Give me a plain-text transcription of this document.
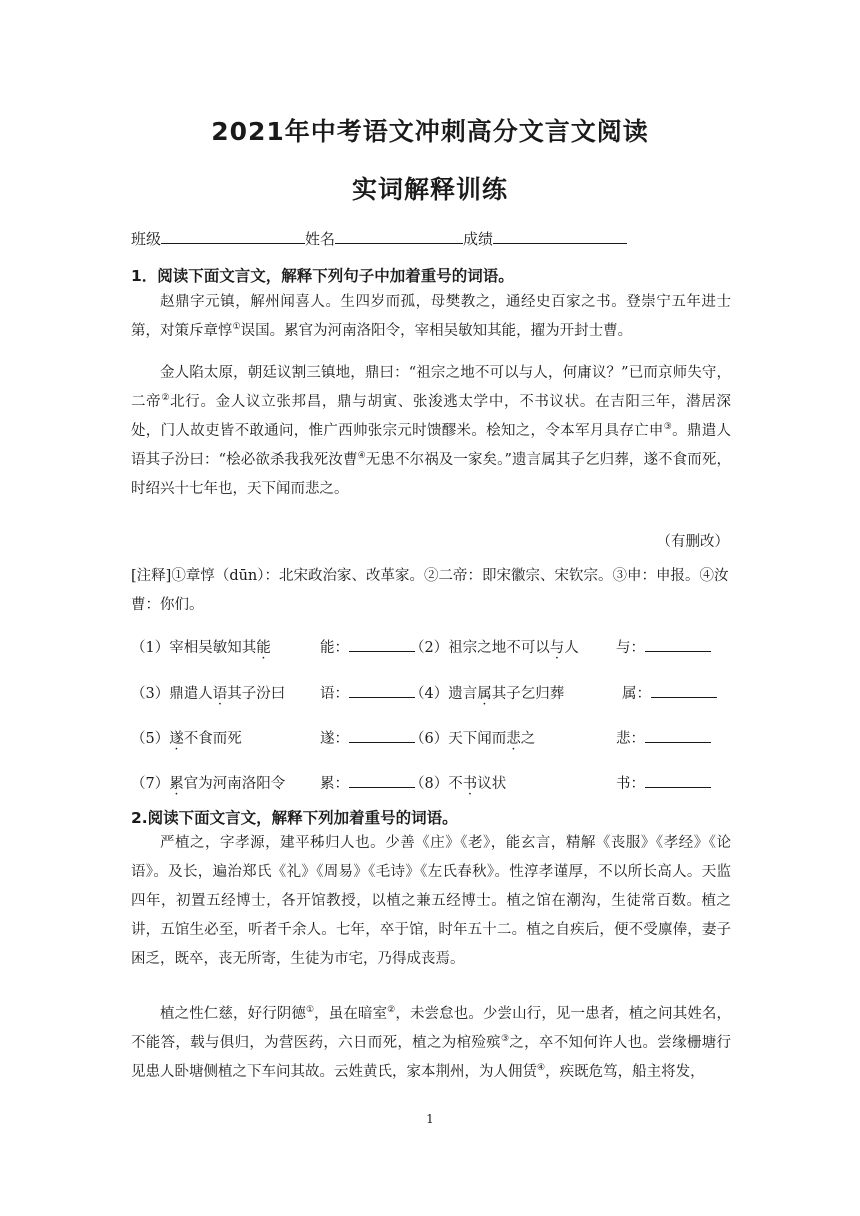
2021年中考语文冲刺高分文言文阅读
实词解释训练
班级	姓名	成绩
1．阅读下面文言文，解释下列句子中加着重号的词语。
赵鼎字元镇，解州闻喜人。生四岁而孤，母樊教之，通经史百家之书。登崇宁五年进士第，对策斥章惇①误国。累官为河南洛阳令，宰相吴敏知其能，擢为开封士曹。
金人陷太原，朝廷议割三镇地，鼎曰：“祖宗之地不可以与人，何庸议？”已而京师失守，二帝②北行。金人议立张邦昌，鼎与胡寅、张浚逃太学中，不书议状。在吉阳三年，潜居深处，门人故吏皆不敢通问，惟广西帅张宗元时馈醪米。桧知之，令本军月具存亡申③。鼎遣人语其子汾曰：“桧必欲杀我我死汝曹④无患不尔祸及一家矣。”遗言属其子乞归葬，遂不食而死，时绍兴十七年也，天下闻而悲之。
（有删改）
[注释]①章惇（dūn）：北宋政治家、改革家。②二帝：即宋徽宗、宋钦宗。③申：申报。④汝曹：你们。
（1）宰相吴敏知其能	能：	（2）祖宗之地不可以与人	与：
（3）鼎遣人语其子汾曰 语：	（4）遗言属其子乞归葬	属：
（5）遂不食而死	遂：	（6）天下闻而悲之	悲：
（7）累官为河南洛阳令 累：	（8）不书议状	书：
2.阅读下面文言文，解释下列加着重号的词语。
严植之，字孝源，建平秭归人也。少善《庄》《老》，能玄言，精解《丧服》《孝经》《论语》。及长，遍治郑氏《礼》《周易》《毛诗》《左氏春秋》。性淳孝谨厚，不以所长高人。天监四年，初置五经博士，各开馆教授，以植之兼五经博士。植之馆在潮沟，生徒常百数。植之讲，五馆生必至，听者千余人。七年，卒于馆，时年五十二。植之自疾后，便不受廪俸，妻子困乏，既卒，丧无所寄，生徒为市宅，乃得成丧焉。
植之性仁慈，好行阴德①，虽在暗室②，未尝怠也。少尝山行，见一患者，植之问其姓名，不能答，载与俱归，为营医药，六日而死，植之为棺殓殡③之，卒不知何许人也。尝缘栅塘行见患人卧塘侧植之下车问其故。云姓黄氏，家本荆州，为人佣赁④，疾既危笃，船主将发，
1
